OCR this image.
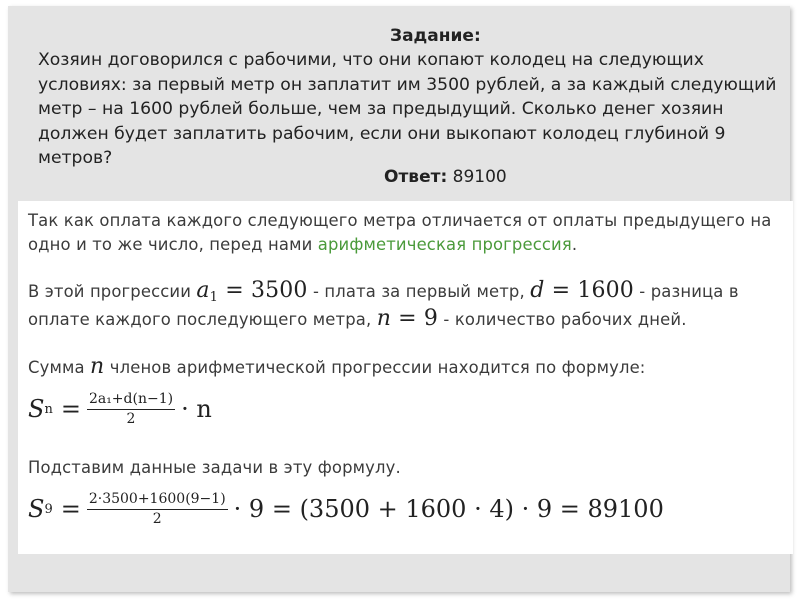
Задание:
Хозяин договорился с рабочими, что они копают колодец на следующих условиях: за первый метр он заплатит им 3500 рублей, а за каждый следующий метр – на 1600 рублей больше, чем за предыдущий. Сколько денег хозяин должен будет заплатить рабочим, если они выкопают колодец глубиной 9 метров?
Ответ: 89100
Так как оплата каждого следующего метра отличается от оплаты предыдущего на одно и то же число, перед нами арифметическая прогрессия.
В этой прогрессии $a_1 = 3500$ - плата за первый метр, d = 1600 - разница в
оплате каждого последующего метра, n = 9 - количество рабочих дней.
Сумма n членов арифметической прогрессии находится по формуле:
S $n = \frac{\text{2a₁+d(n−1)}}{2} \cdot n$
Подставим данные задачи в эту формулу.
S $9 = \frac{2\cdot 3500+1600(9-1)}{2} \cdot 9 = (3500 + 1600 \cdot 4) \cdot 9 = 89100$
